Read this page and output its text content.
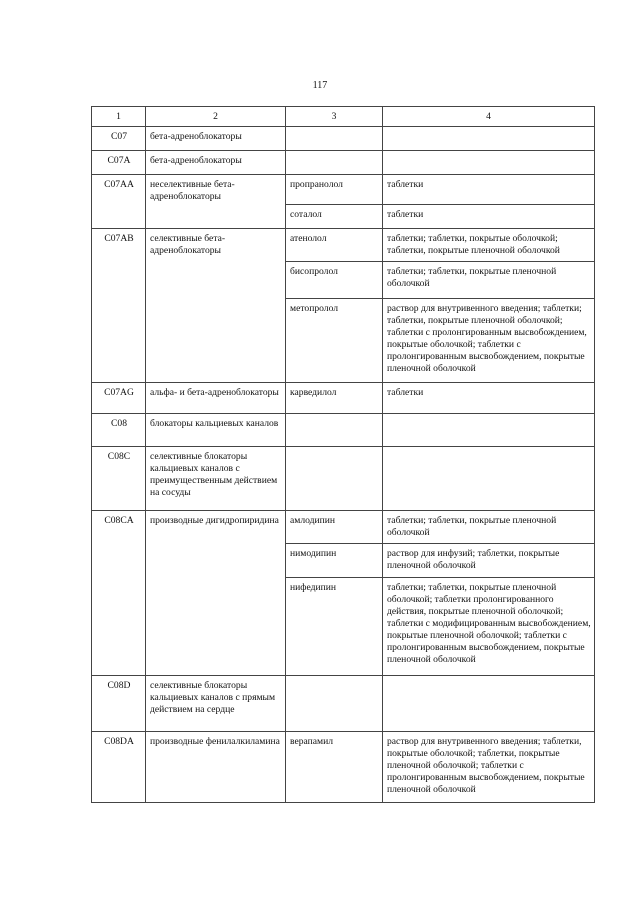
117
1	2	3	4
C07	бета-адреноблокаторы		
C07A	бета-адреноблокаторы		
C07AA	неселективные бета-адреноблокаторы	пропранолол	таблетки
		соталол	таблетки
C07AB	селективные бета-адреноблокаторы	атенолол	таблетки; таблетки, покрытые оболочкой; таблетки, покрытые пленочной оболочкой
		бисопролол	таблетки; таблетки, покрытые пленочной оболочкой
		метопролол	раствор для внутривенного введения; таблетки; таблетки, покрытые пленочной оболочкой; таблетки с пролонгированным высвобождением, покрытые оболочкой; таблетки с пролонгированным высвобождением, покрытые пленочной оболочкой
C07AG	альфа- и бета-адреноблокаторы	карведилол	таблетки
C08	блокаторы кальциевых каналов		
C08C	селективные блокаторы кальциевых каналов с преимущественным действием на сосуды		
C08CA	производные дигидропиридина	амлодипин	таблетки; таблетки, покрытые пленочной оболочкой
		нимодипин	раствор для инфузий; таблетки, покрытые пленочной оболочкой
		нифедипин	таблетки; таблетки, покрытые пленочной оболочкой; таблетки пролонгированного действия, покрытые пленочной оболочкой; таблетки с модифицированным высвобождением, покрытые пленочной оболочкой; таблетки с пролонгированным высвобождением, покрытые пленочной оболочкой
C08D	селективные блокаторы кальциевых каналов с прямым действием на сердце		
C08DA	производные фенилалкиламина	верапамил	раствор для внутривенного введения; таблетки, покрытые оболочкой; таблетки, покрытые пленочной оболочкой; таблетки с пролонгированным высвобождением, покрытые пленочной оболочкой
